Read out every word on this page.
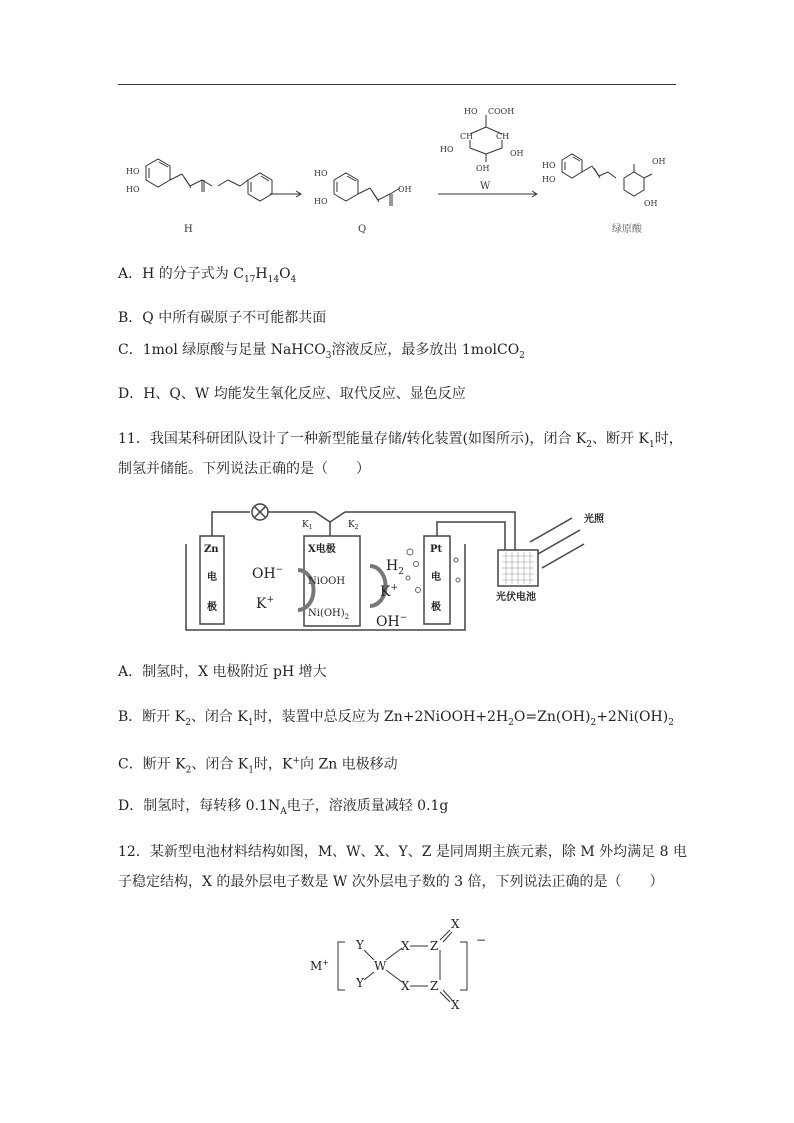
HO
HO
HO
HO
OH
HO COOH
CH	CH
HO	OH
OH	HO
HO
OH
OH
H	Q
W
绿原酸
A．H 的分子式为 $C_{17}H_{14}O_4$
B．Q 中所有碳原子不可能都共面
C．1mol 绿原酸与足量 NaHCO$_3$溶液反应，最多放出 1molCO$_2$
D．H、Q、W 均能发生氧化反应、取代反应、显色反应
11．我国某科研团队设计了一种新型能量存储/转化装置(如图所示)，闭合 $K_2$、断开 $K_1$时，
制氢并储能。下列说法正确的是（　　）
Zn
电
极
X电极
NiOOH
$Ni(OH)_2$
Pt
电
极
光伏电池
光照
OH−
K+
$H_2$
K+
OH−
$K_1$	$K_2$
A．制氢时，X 电极附近 pH 增大
B．断开 $K_2$、闭合 $K_1$时，装置中总反应为 $Zn+2NiOOH+2H_2O=Zn(OH)_2+2Ni(OH)_2$
C．断开 $K_2$、闭合 $K_1$时，K+向 Zn 电极移动
D．制氢时，每转移 $0.1N_A$电子，溶液质量减轻 0.1g
12．某新型电池材料结构如图，M、W、X、Y、Z 是同周期主族元素，除 M 外均满足 8 电
子稳定结构，X 的最外层电子数是 W 次外层电子数的 3 倍，下列说法正确的是（　　）
M+	W
Y
Y
X
X
Z
Z
X
X
−
